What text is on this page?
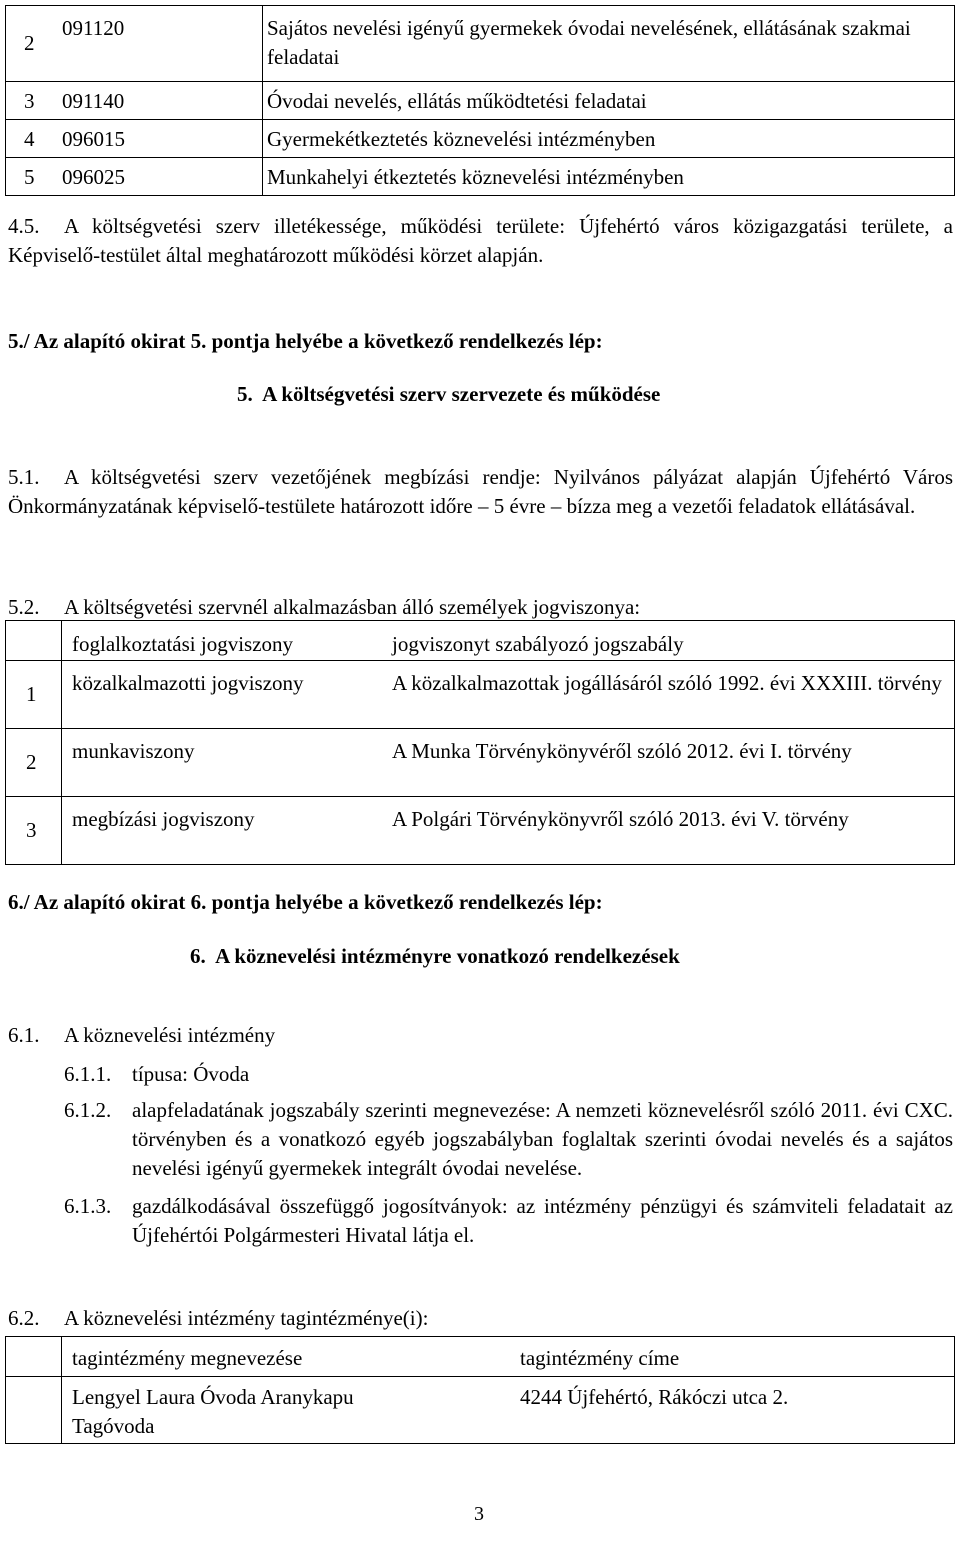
2	091120	Sajátos nevelési igényű gyermekek óvodai nevelésének, ellátásának szakmai feladatai
3	091140	Óvodai nevelés, ellátás működtetési feladatai
4	096015	Gyermekétkeztetés köznevelési intézményben
5	096025	Munkahelyi étkeztetés köznevelési intézményben
4.5. A költségvetési szerv illetékessége, működési területe: Újfehértó város közigazgatási területe, a Képviselő-testület által meghatározott működési körzet alapján.
5./ Az alapító okirat 5. pontja helyébe a következő rendelkezés lép:
5.  A költségvetési szerv szervezete és működése
5.1. A költségvetési szerv vezetőjének megbízási rendje: Nyilvános pályázat alapján Újfehértó Város Önkormányzatának képviselő-testülete határozott időre – 5 évre – bízza meg a vezetői feladatok ellátásával.
5.2. A költségvetési szervnél alkalmazásban álló személyek jogviszonya:
	foglalkoztatási jogviszony	jogviszonyt szabályozó jogszabály
1	közalkalmazotti jogviszony	A közalkalmazottak jogállásáról szóló 1992. évi XXXIII. törvény
2	munkaviszony	A Munka Törvénykönyvéről szóló 2012. évi I. törvény
3	megbízási jogviszony	A Polgári Törvénykönyvről szóló 2013. évi V. törvény
6./ Az alapító okirat 6. pontja helyébe a következő rendelkezés lép:
6.  A köznevelési intézményre vonatkozó rendelkezések
6.1. A köznevelési intézmény
6.1.1. típusa: Óvoda
6.1.2. alapfeladatának jogszabály szerinti megnevezése: A nemzeti köznevelésről szóló 2011. évi CXC. törvényben és a vonatkozó egyéb jogszabályban foglaltak szerinti óvodai nevelés és a sajátos nevelési igényű gyermekek integrált óvodai nevelése.
6.1.3. gazdálkodásával összefüggő jogosítványok: az intézmény pénzügyi és számviteli feladatait az Újfehértói Polgármesteri Hivatal látja el.
6.2. A köznevelési intézmény tagintézménye(i):
	tagintézmény megnevezése	tagintézmény címe
	Lengyel Laura Óvoda Aranykapu Tagóvoda	4244 Újfehértó, Rákóczi utca 2.
3
